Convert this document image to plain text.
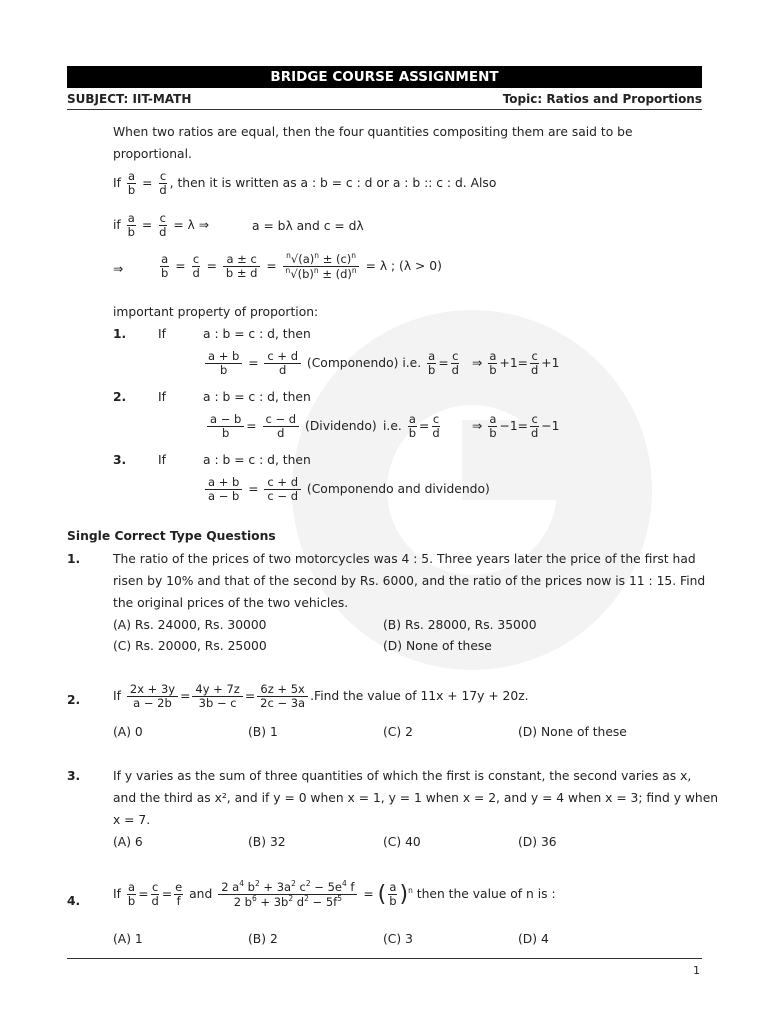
BRIDGE COURSE ASSIGNMENT
SUBJECT: IIT-MATH	Topic: Ratios and Proportions
When two ratios are equal, then the four quantities compositing them are said to be
proportional.
If $\frac{a}{b} = \frac{c}{d}$ , then it is written as a : b = c : d or a : b :: c : d. Also
if $\frac{a}{b} = \frac{c}{d} = \lambda$ ⇒	a = bλ and c = dλ
⇒	$\frac{a}{b} = \frac{c}{d} = \frac{a \pm c}{b \pm d} = \frac{^n√(a)^n \pm (c)^n}{^n√(b)^n \pm (d)^n} = \lambda$ ; (λ > 0)
important property of proportion:
1.	If	a : b = c : d, then
$\frac{a + b}{b} = \frac{c + d}{d}$ (Componendo) i.e. $\frac{a}{b} = \frac{c}{d}$ ⇒ $\frac{a}{b} +1= \frac{c}{d} +1$
2.	If	a : b = c : d, then
$\frac{a - b}{b} = \frac{c - d}{d}$ (Dividendo) i.e. $\frac{a}{b} = \frac{c}{d}$	⇒ $\frac{a}{b} -1= \frac{c}{d} -1$
3.	If	a : b = c : d, then
$\frac{a + b}{a - b} = \frac{c + d}{c - d}$ (Componendo and dividendo)
Single Correct Type Questions
1.	The ratio of the prices of two motorcycles was 4 : 5. Three years later the price of the first had
risen by 10% and that of the second by Rs. 6000, and the ratio of the prices now is 11 : 15. Find
the original prices of the two vehicles.
(A) Rs. 24000, Rs. 30000	(B) Rs. 28000, Rs. 35000
(C) Rs. 20000, Rs. 25000	(D) None of these
2.	If $\frac{2x + 3y}{a - 2b} = \frac{4y + 7z}{3b - c} = \frac{6z + 5x}{2c - 3a}$ .Find the value of 11x + 17y + 20z.
(A) 0	(B) 1	(C) 2	(D) None of these
3.	If y varies as the sum of three quantities of which the first is constant, the second varies as x,
and the third as x², and if y = 0 when x = 1, y = 1 when x = 2, and y = 4 when x = 3; find y when
x = 7.
(A) 6	(B) 32	(C) 40	(D) 36
4.	If $\frac{a}{b} = \frac{c}{d} = \frac{e}{f}$ and $\frac{2 a^4 b^2 + 3a^2 c^2 - 5e^4 f}{2 b^6 + 3b^2 d^2 - 5f^5}$ = ( $\frac{a}{b} )^n$ then the value of n is :
(A) 1	(B) 2	(C) 3	(D) 4
1
